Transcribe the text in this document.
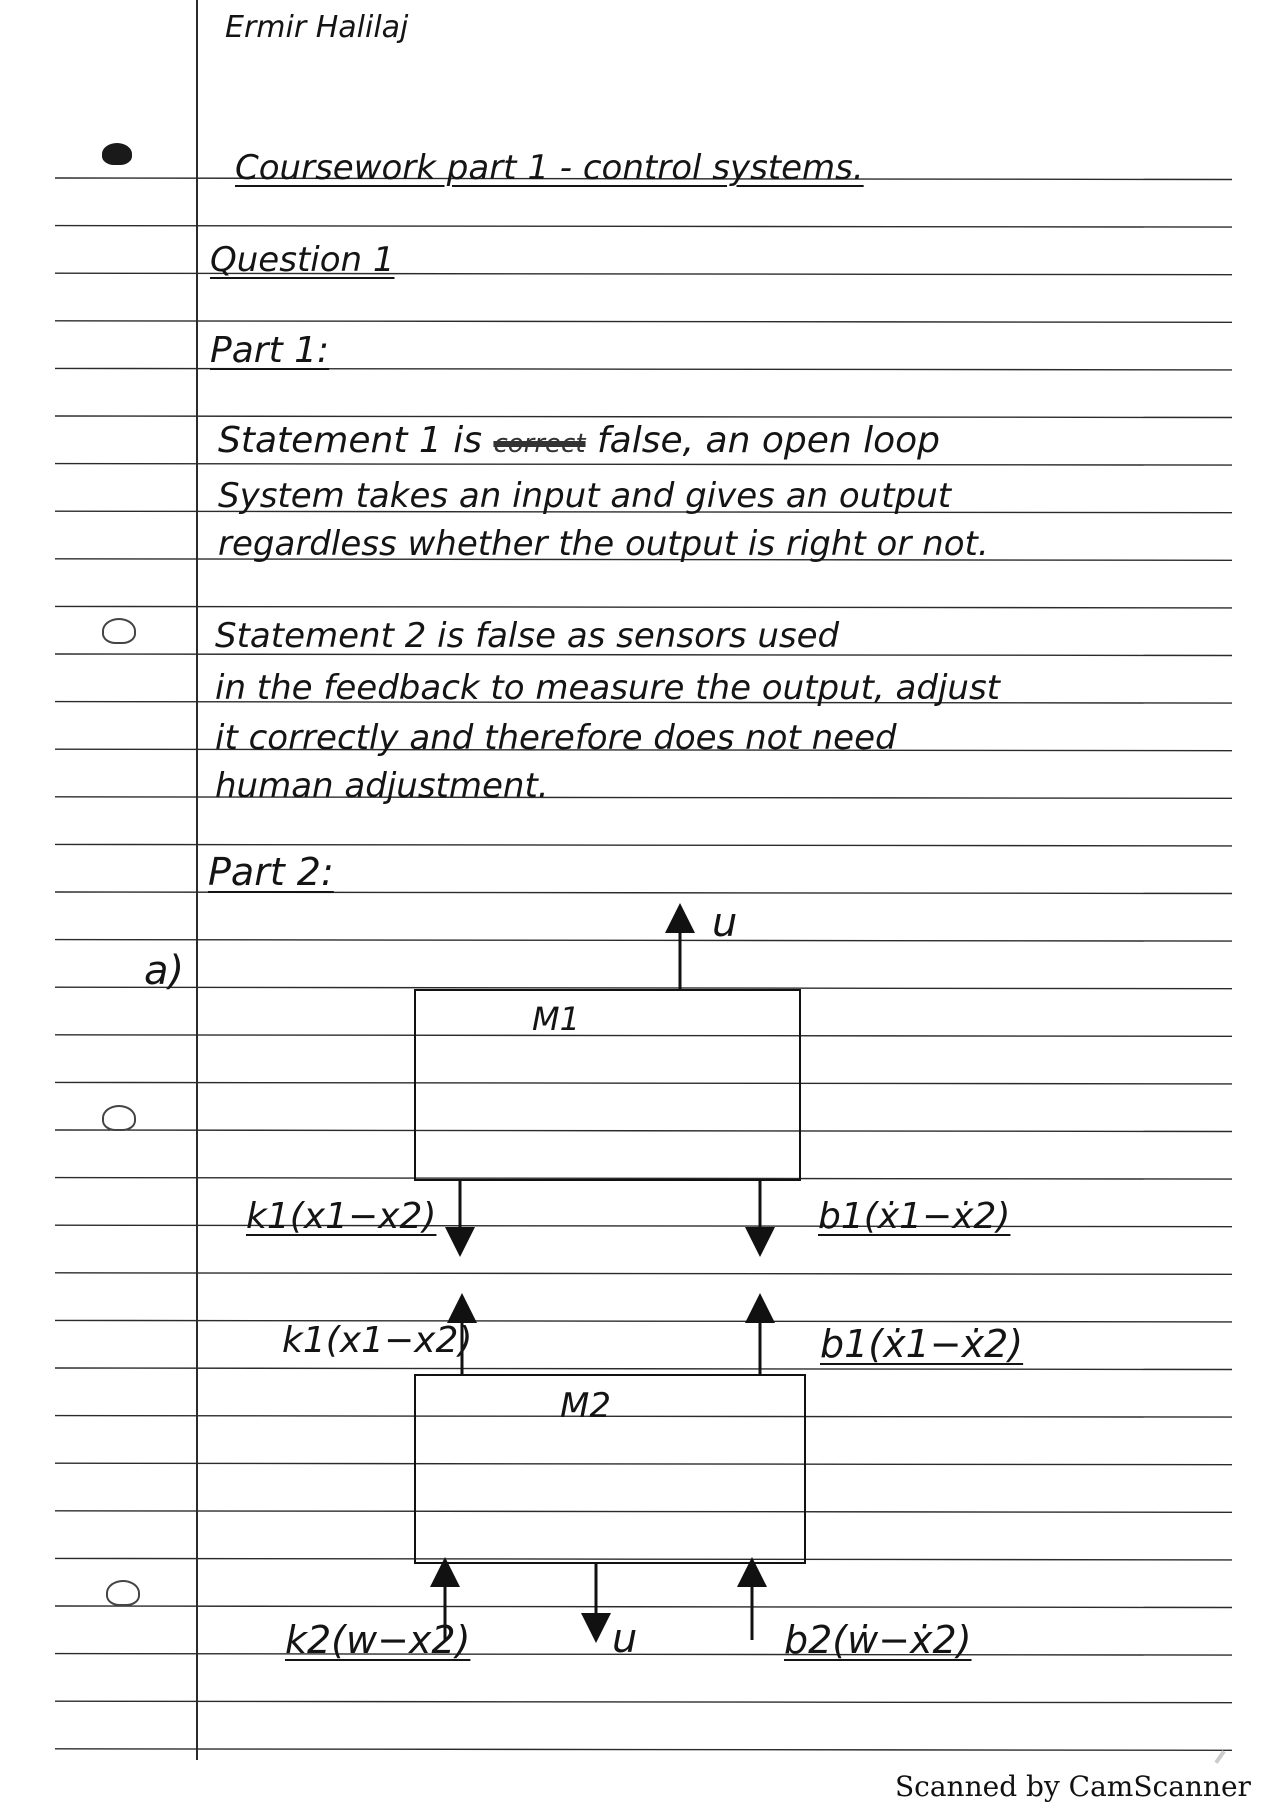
Ermir Halilaj
Coursework part 1 - control systems.
Question 1
Part 1:
Statement 1 is correct false, an open loop
System takes an input and gives an output
regardless whether the output is right or not.
Statement 2 is false as sensors used
in the feedback to measure the output, adjust
it correctly and therefore does not need
human adjustment.
Part 2:
a)
u
M1
k1(x1−x2)	b1(ẋ1−ẋ2)
k1(x1−x2)	b1(ẋ1−ẋ2)
M2
k2(w−x2)	u	b2(ẇ−ẋ2)
Scanned by CamScanner
